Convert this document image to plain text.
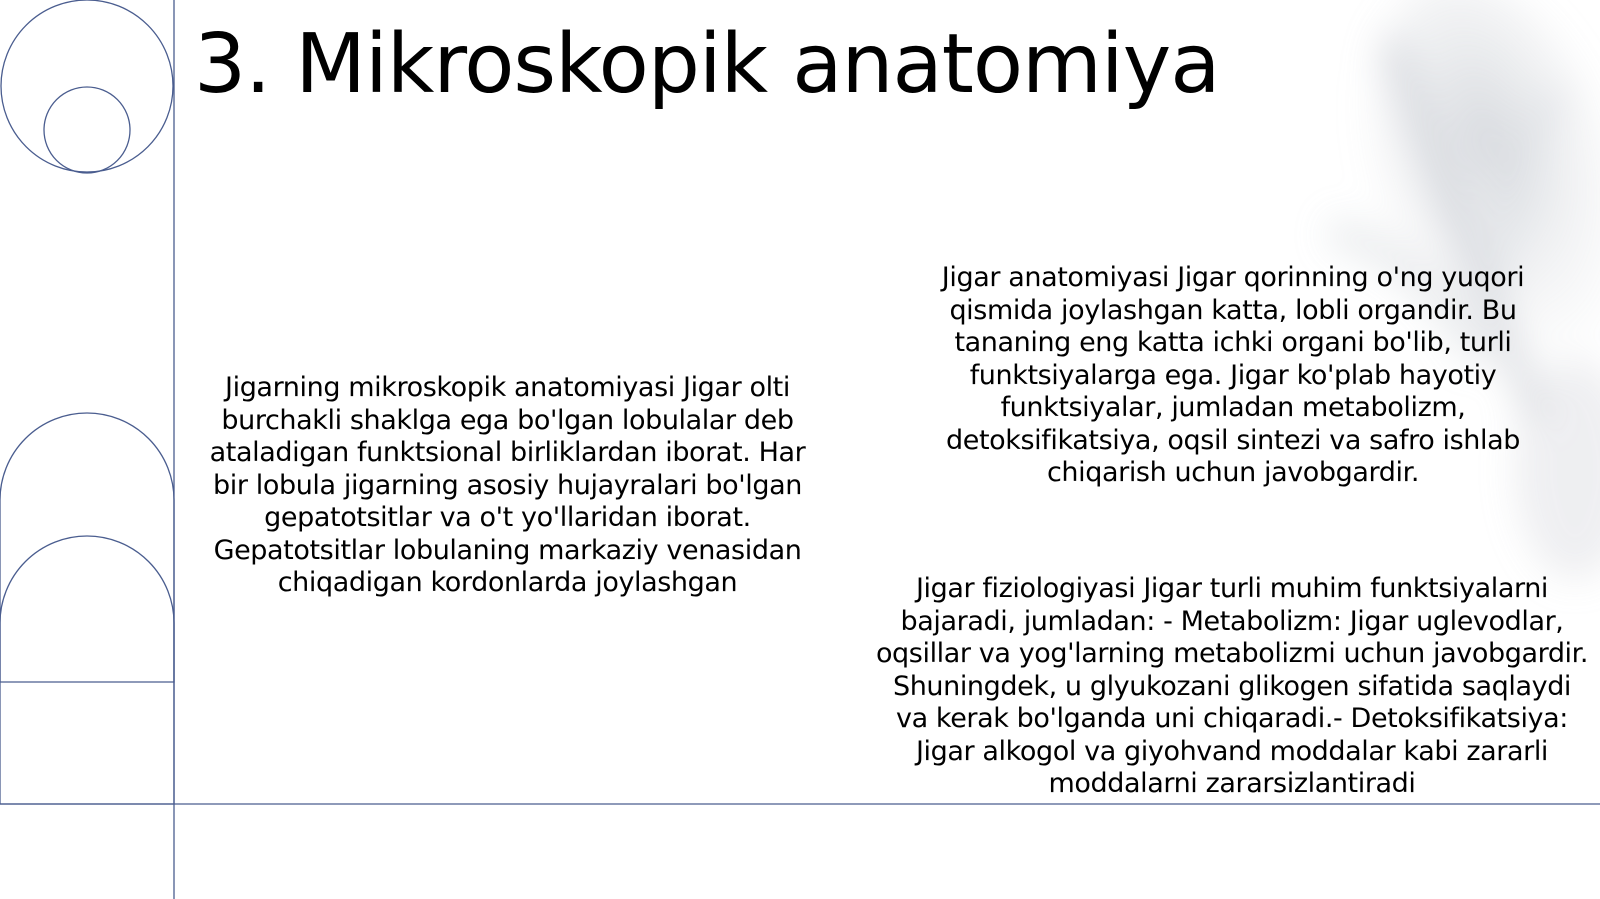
3. Mikroskopik anatomiya

Jigarning mikroskopik anatomiyasi Jigar olti burchakli shaklga ega bo'lgan lobulalar deb ataladigan funktsional birliklardan iborat. Har bir lobula jigarning asosiy hujayralari bo'lgan gepatotsitlar va o't yo'llaridan iborat. Gepatotsitlar lobulaning markaziy venasidan chiqadigan kordonlarda joylashgan

Jigar anatomiyasi Jigar qorinning o'ng yuqori qismida joylashgan katta, lobli organdir. Bu tananing eng katta ichki organi bo'lib, turli funktsiyalarga ega. Jigar ko'plab hayotiy funktsiyalar, jumladan metabolizm, detoksifikatsiya, oqsil sintezi va safro ishlab chiqarish uchun javobgardir.

Jigar fiziologiyasi Jigar turli muhim funktsiyalarni bajaradi, jumladan: - Metabolizm: Jigar uglevodlar, oqsillar va yog'larning metabolizmi uchun javobgardir. Shuningdek, u glyukozani glikogen sifatida saqlaydi va kerak bo'lganda uni chiqaradi.- Detoksifikatsiya: Jigar alkogol va giyohvand moddalar kabi zararli moddalarni zararsizlantiradi
